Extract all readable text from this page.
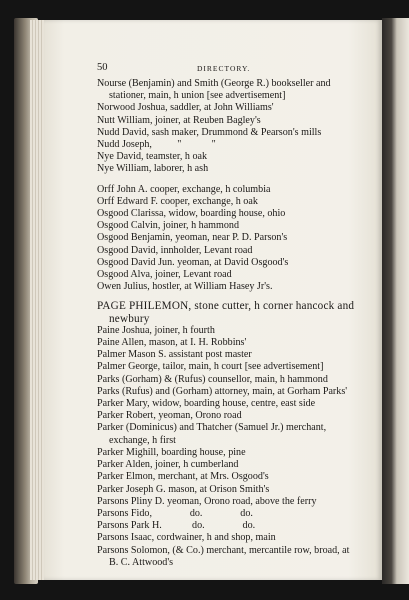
50	DIRECTORY.

Nourse (Benjamin) and Smith (George R.) bookseller and stationer, main, h union [see advertisement]

Norwood Joshua, saddler, at John Williams'

Nutt William, joiner, at Reuben Bagley's

Nudd David, sash maker, Drummond & Pearson's mills

Nudd Joseph,          "            "

Nye David, teamster, h oak

Nye William, laborer, h ash

Orff John A. cooper, exchange, h columbia

Orff Edward F. cooper, exchange, h oak

Osgood Clarissa, widow, boarding house, ohio

Osgood Calvin, joiner, h hammond

Osgood Benjamin, yeoman, near P. D. Parson's

Osgood David, innholder, Levant road

Osgood David Jun. yeoman, at David Osgood's

Osgood Alva, joiner, Levant road

Owen Julius, hostler, at William Hasey Jr's.

PAGE PHILEMON, stone cutter, h corner hancock and newbury

Paine Joshua, joiner, h fourth

Paine Allen, mason, at I. H. Robbins'

Palmer Mason S. assistant post master

Palmer George, tailor, main, h court [see advertisement]

Parks (Gorham) & (Rufus) counsellor, main, h hammond

Parks (Rufus) and (Gorham) attorney, main, at Gorham Parks'

Parker Mary, widow, boarding house, centre, east side

Parker Robert, yeoman, Orono road

Parker (Dominicus) and Thatcher (Samuel Jr.) merchant, exchange, h first

Parker Mighill, boarding house, pine

Parker Alden, joiner, h cumberland

Parker Elmon, merchant, at Mrs. Osgood's

Parker Joseph G. mason, at Orison Smith's

Parsons Pliny D. yeoman, Orono road, above the ferry

Parsons Fido,               do.               do.

Parsons Park H.            do.               do.

Parsons Isaac, cordwainer, h and shop, main

Parsons Solomon, (& Co.) merchant, mercantile row, broad, at B. C. Attwood's
